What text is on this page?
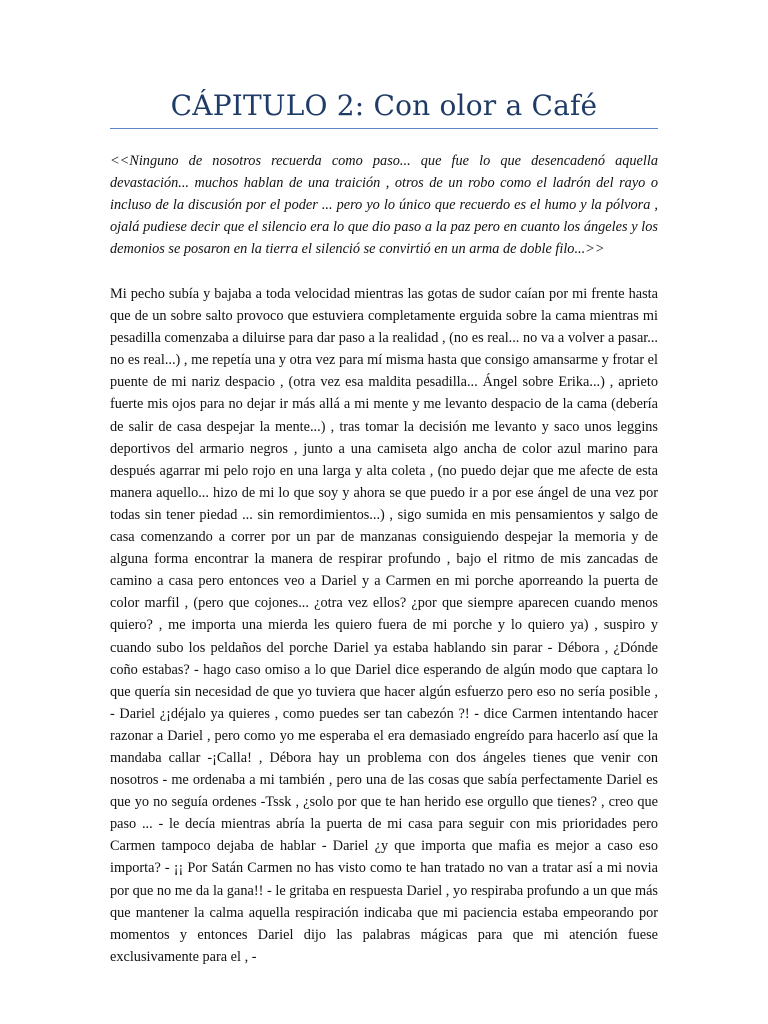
CÁPITULO 2: Con olor a Café

<<Ninguno de nosotros recuerda como paso... que fue lo que desencadenó aquella devastación... muchos hablan de una traición , otros de un robo como el ladrón del rayo o incluso de la discusión por el poder ... pero yo lo único que recuerdo es el humo y la pólvora , ojalá pudiese decir que el silencio era lo que dio paso a la paz pero en cuanto los ángeles y los demonios se posaron en la tierra el silenció se convirtió en un arma de doble filo...>>

Mi pecho subía y bajaba a toda velocidad mientras las gotas de sudor caían por mi frente hasta que de un sobre salto provoco que estuviera completamente erguida sobre la cama mientras mi pesadilla comenzaba a diluirse para dar paso a la realidad , (no es real... no va a volver a pasar... no es real...) , me repetía una y otra vez para mí misma hasta que consigo amansarme y frotar el puente de mi nariz despacio , (otra vez esa maldita pesadilla... Ángel sobre Erika...) , aprieto fuerte mis ojos para no dejar ir más allá a mi mente y me levanto despacio de la cama (debería de salir de casa despejar la mente...) , tras tomar la decisión me levanto y saco unos leggins deportivos del armario negros , junto a una camiseta algo ancha de color azul marino para después agarrar mi pelo rojo en una larga y alta coleta , (no puedo dejar que me afecte de esta manera aquello... hizo de mi lo que soy y ahora se que puedo ir a por ese ángel de una vez por todas sin tener piedad ... sin remordimientos...) , sigo sumida en mis pensamientos y salgo de casa comenzando a correr por un par de manzanas consiguiendo despejar la memoria y de alguna forma encontrar la manera de respirar profundo , bajo el ritmo de mis zancadas de camino a casa pero entonces veo a Dariel y a Carmen en mi porche aporreando la puerta de color marfil , (pero que cojones... ¿otra vez ellos? ¿por que siempre aparecen cuando menos quiero? , me importa una mierda les quiero fuera de mi porche y lo quiero ya) , suspiro y cuando subo los peldaños del porche Dariel ya estaba hablando sin parar - Débora , ¿Dónde coño estabas? - hago caso omiso a lo que Dariel dice esperando de algún modo que captara lo que quería sin necesidad de que yo tuviera que hacer algún esfuerzo pero eso no sería posible , - Dariel ¿¡déjalo ya quieres , como puedes ser tan cabezón ?! - dice Carmen intentando hacer razonar a Dariel , pero como yo me esperaba el era demasiado engreído para hacerlo así que la mandaba callar -¡Calla! , Débora hay un problema con dos ángeles tienes que venir con nosotros - me ordenaba a mi también , pero una de las cosas que sabía perfectamente Dariel es que yo no seguía ordenes -Tssk , ¿solo por que te han herido ese orgullo que tienes? , creo que paso ... - le decía mientras abría la puerta de mi casa para seguir con mis prioridades pero Carmen tampoco dejaba de hablar - Dariel ¿y que importa que mafia es mejor a caso eso importa? - ¡¡ Por Satán Carmen no has visto como te han tratado no van a tratar así a mi novia por que no me da la gana!! - le gritaba en respuesta Dariel , yo respiraba profundo a un que más que mantener la calma aquella respiración indicaba que mi paciencia estaba empeorando por momentos y entonces Dariel dijo las palabras mágicas para que mi atención fuese exclusivamente para el , -
